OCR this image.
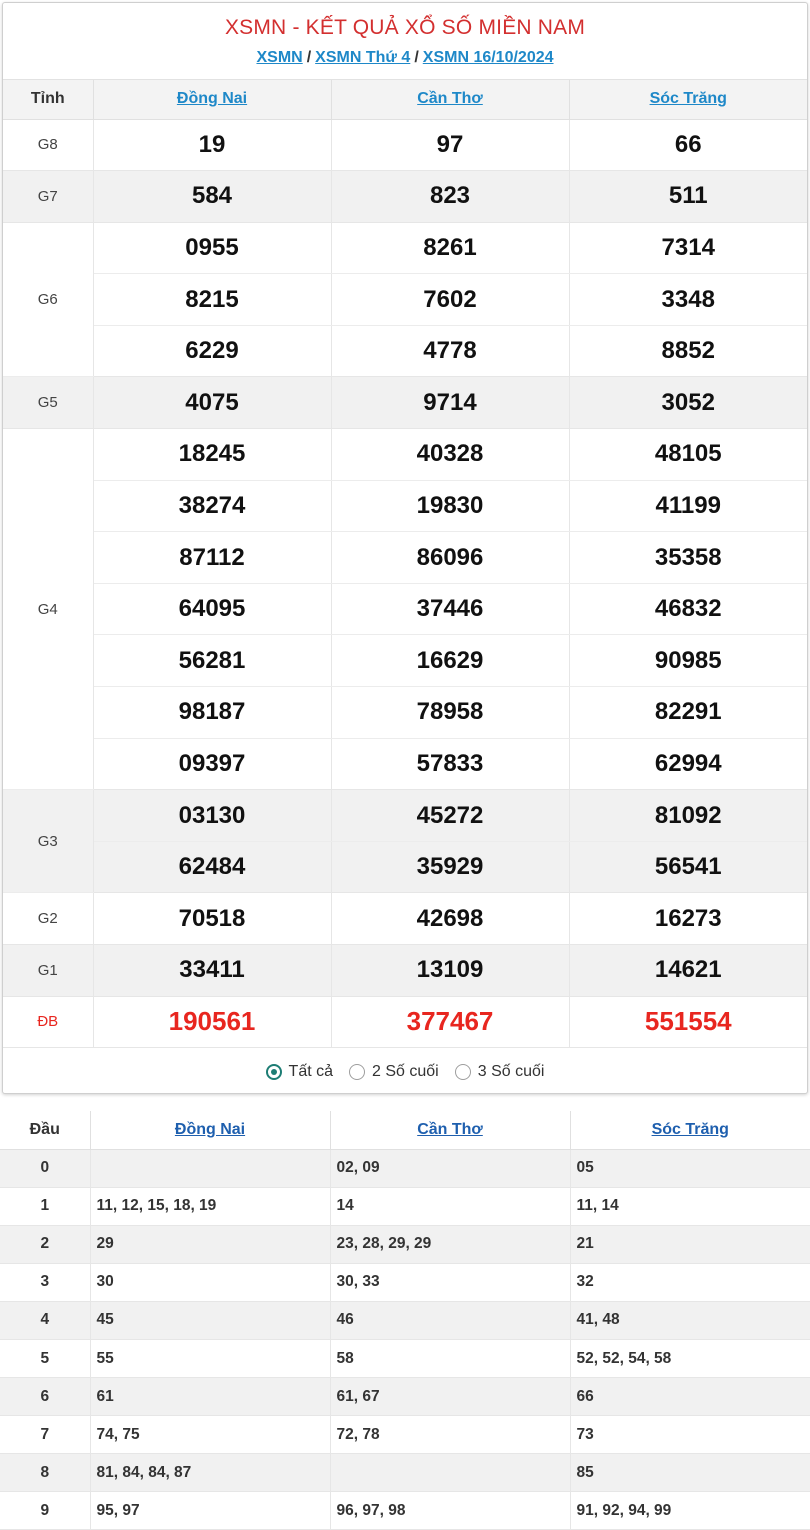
XSMN - KẾT QUẢ XỔ SỐ MIỀN NAM
XSMN / XSMN Thứ 4 / XSMN 16/10/2024
Tỉnh	Đồng Nai	Cần Thơ	Sóc Trăng
G8	19	97	66
G7	584	823	511
G6	0955	8261	7314
	8215	7602	3348
	6229	4778	8852
G5	4075	9714	3052
G4	18245	40328	48105
	38274	19830	41199
	87112	86096	35358
	64095	37446	46832
	56281	16629	90985
	98187	78958	82291
	09397	57833	62994
G3	03130	45272	81092
	62484	35929	56541
G2	70518	42698	16273
G1	33411	13109	14621
ĐB	190561	377467	551554
Tất cả 2 Số cuối 3 Số cuối
Đầu	Đồng Nai	Cần Thơ	Sóc Trăng
0		02, 09	05
1	11, 12, 15, 18, 19	14	11, 14
2	29	23, 28, 29, 29	21
3	30	30, 33	32
4	45	46	41, 48
5	55	58	52, 52, 54, 58
6	61	61, 67	66
7	74, 75	72, 78	73
8	81, 84, 84, 87		85
9	95, 97	96, 97, 98	91, 92, 94, 99
